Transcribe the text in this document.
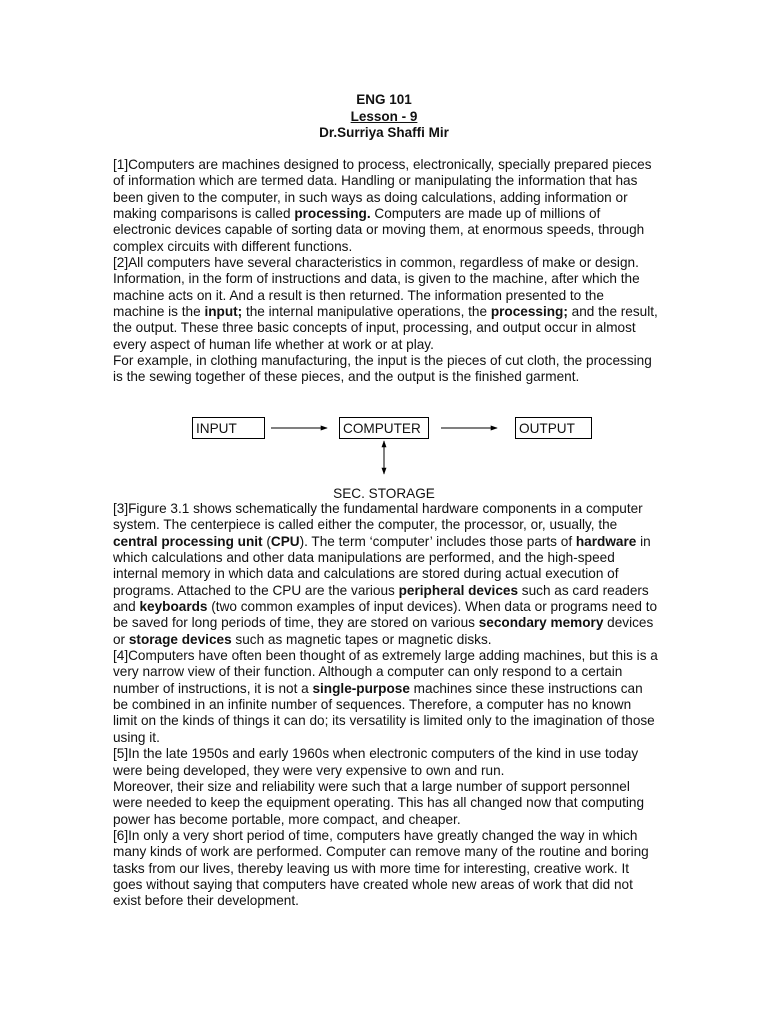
ENG 101
Lesson - 9
Dr.Surriya Shaffi Mir

[1]Computers are machines designed to process, electronically, specially prepared pieces of information which are termed data. Handling or manipulating the information that has been given to the computer, in such ways as doing calculations, adding information or making comparisons is called processing. Computers are made up of millions of electronic devices capable of sorting data or moving them, at enormous speeds, through complex circuits with different functions.

[2]All computers have several characteristics in common, regardless of make or design. Information, in the form of instructions and data, is given to the machine, after which the machine acts on it. And a result is then returned. The information presented to the machine is the input; the internal manipulative operations, the processing; and the result, the output. These three basic concepts of input, processing, and output occur in almost every aspect of human life whether at work or at play.

For example, in clothing manufacturing, the input is the pieces of cut cloth, the processing is the sewing together of these pieces, and the output is the finished garment.

INPUT	COMPUTER	OUTPUT
SEC. STORAGE

[3]Figure 3.1 shows schematically the fundamental hardware components in a computer system. The centerpiece is called either the computer, the processor, or, usually, the central processing unit (CPU). The term ‘computer’ includes those parts of hardware in which calculations and other data manipulations are performed, and the high-speed internal memory in which data and calculations are stored during actual execution of programs. Attached to the CPU are the various peripheral devices such as card readers and keyboards (two common examples of input devices). When data or programs need to be saved for long periods of time, they are stored on various secondary memory devices or storage devices such as magnetic tapes or magnetic disks.

[4]Computers have often been thought of as extremely large adding machines, but this is a very narrow view of their function. Although a computer can only respond to a certain number of instructions, it is not a single-purpose machines since these instructions can be combined in an infinite number of sequences. Therefore, a computer has no known limit on the kinds of things it can do; its versatility is limited only to the imagination of those using it.

[5]In the late 1950s and early 1960s when electronic computers of the kind in use today were being developed, they were very expensive to own and run.

Moreover, their size and reliability were such that a large number of support personnel were needed to keep the equipment operating. This has all changed now that computing power has become portable, more compact, and cheaper.

[6]In only a very short period of time, computers have greatly changed the way in which many kinds of work are performed. Computer can remove many of the routine and boring tasks from our lives, thereby leaving us with more time for interesting, creative work. It goes without saying that computers have created whole new areas of work that did not exist before their development.
